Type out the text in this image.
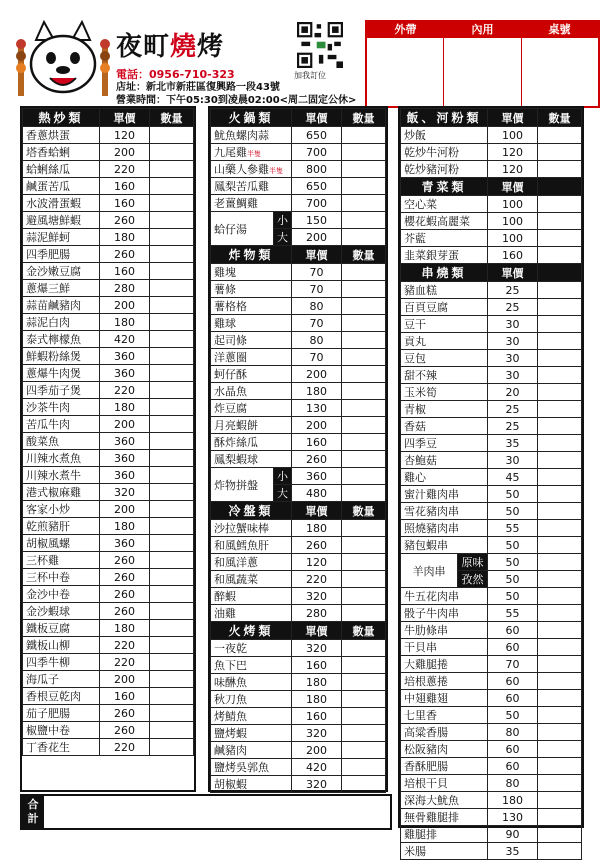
夜町燒烤
電話：0956-710-323
店址：新北市新莊區復興路一段43號
營業時間：下午05:30到凌晨02:00<周二固定公休>
加我訂位
外帶	內用	桌號
熱炒類	單價	數量
香蔥烘蛋	120	
塔香蛤蜊	200	
蛤蜊絲瓜	220	
鹹蛋苦瓜	160	
水波滑蛋蝦	160	
避風塘鮮蝦	260	
蒜泥鮮蚵	180	
四季肥腸	260	
金沙嫩豆腐	160	
蔥爆三鮮	280	
蒜苗鹹豬肉	200	
蒜泥白肉	180	
泰式檸檬魚	420	
鮮蝦粉絲煲	360	
蔥爆牛肉煲	360	
四季茄子煲	220	
沙茶牛肉	180	
苦瓜牛肉	200	
酸菜魚	360	
川辣水煮魚	360	
川辣水煮牛	360	
港式椒麻雞	320	
客家小炒	200	
乾煎豬肝	180	
胡椒風螺	360	
三杯雞	260	
三杯中卷	260	
金沙中卷	260	
金沙蝦球	260	
鐵板豆腐	180	
鐵板山柳	220	
四季牛柳	220	
海瓜子	200	
香根豆乾肉	160	
茄子肥腸	260	
椒鹽中卷	260	
丁香花生	220	
火鍋類		單價	數量
魷魚螺肉蒜		650	
九尾雞半隻		700	
山藥人參雞半隻		800	
鳳梨苦瓜雞		650	
老薑鯛雞		700	
蛤仔湯	小	150	
	大	200	
炸物類		單價	數量
雞塊		70	
薯條		70	
薯格格		80	
雞球		70	
起司條		80	
洋蔥圈		70	
蚵仔酥		200	
水晶魚		180	
炸豆腐		130	
月亮蝦餅		200	
酥炸絲瓜		160	
鳳梨蝦球		260	
炸物拼盤	小	360	
	大	480	
冷盤類		單價	數量
沙拉蟹味棒		180	
和風鱈魚肝		260	
和風洋蔥		120	
和風蔬菜		220	
醉蝦		320	
油雞		280	
火烤類		單價	數量
一夜乾		320	
魚下巴		160	
味醂魚		180	
秋刀魚		180	
烤鯖魚		160	
鹽烤蝦		320	
鹹豬肉		200	
鹽烤吳郭魚		420	
胡椒蝦		320	
飯、河粉類		單價	數量
炒飯		100	
乾炒牛河粉		120	
乾炒豬河粉		120	
青菜類		單價	
空心菜		100	
櫻花蝦高麗菜		100	
芥藍		100	
韭菜銀芽蛋		160	
串燒類		單價	
豬血糕		25	
百頁豆腐		25	
豆干		30	
貢丸		30	
豆包		30	
甜不辣		30	
玉米筍		20	
青椒		25	
香菇		25	
四季豆		35	
杏鮑菇		30	
雞心		45	
蜜汁雞肉串		50	
雪花豬肉串		50	
照燒豬肉串		55	
豬包蝦串		50	
羊肉串	原味	50	
	孜然	50	
牛五花肉串		50	
骰子牛肉串		55	
牛肋條串		60	
干貝串		60	
大雞腿捲		70	
培根蔥捲		60	
中翅雞翅		60	
七里香		50	
高粱香腸		80	
松阪豬肉		60	
香酥肥腸		60	
培根干貝		80	
深海大魷魚		180	
無骨雞腿排		130	
雞腿排		90	
米腸		35	
合
計
